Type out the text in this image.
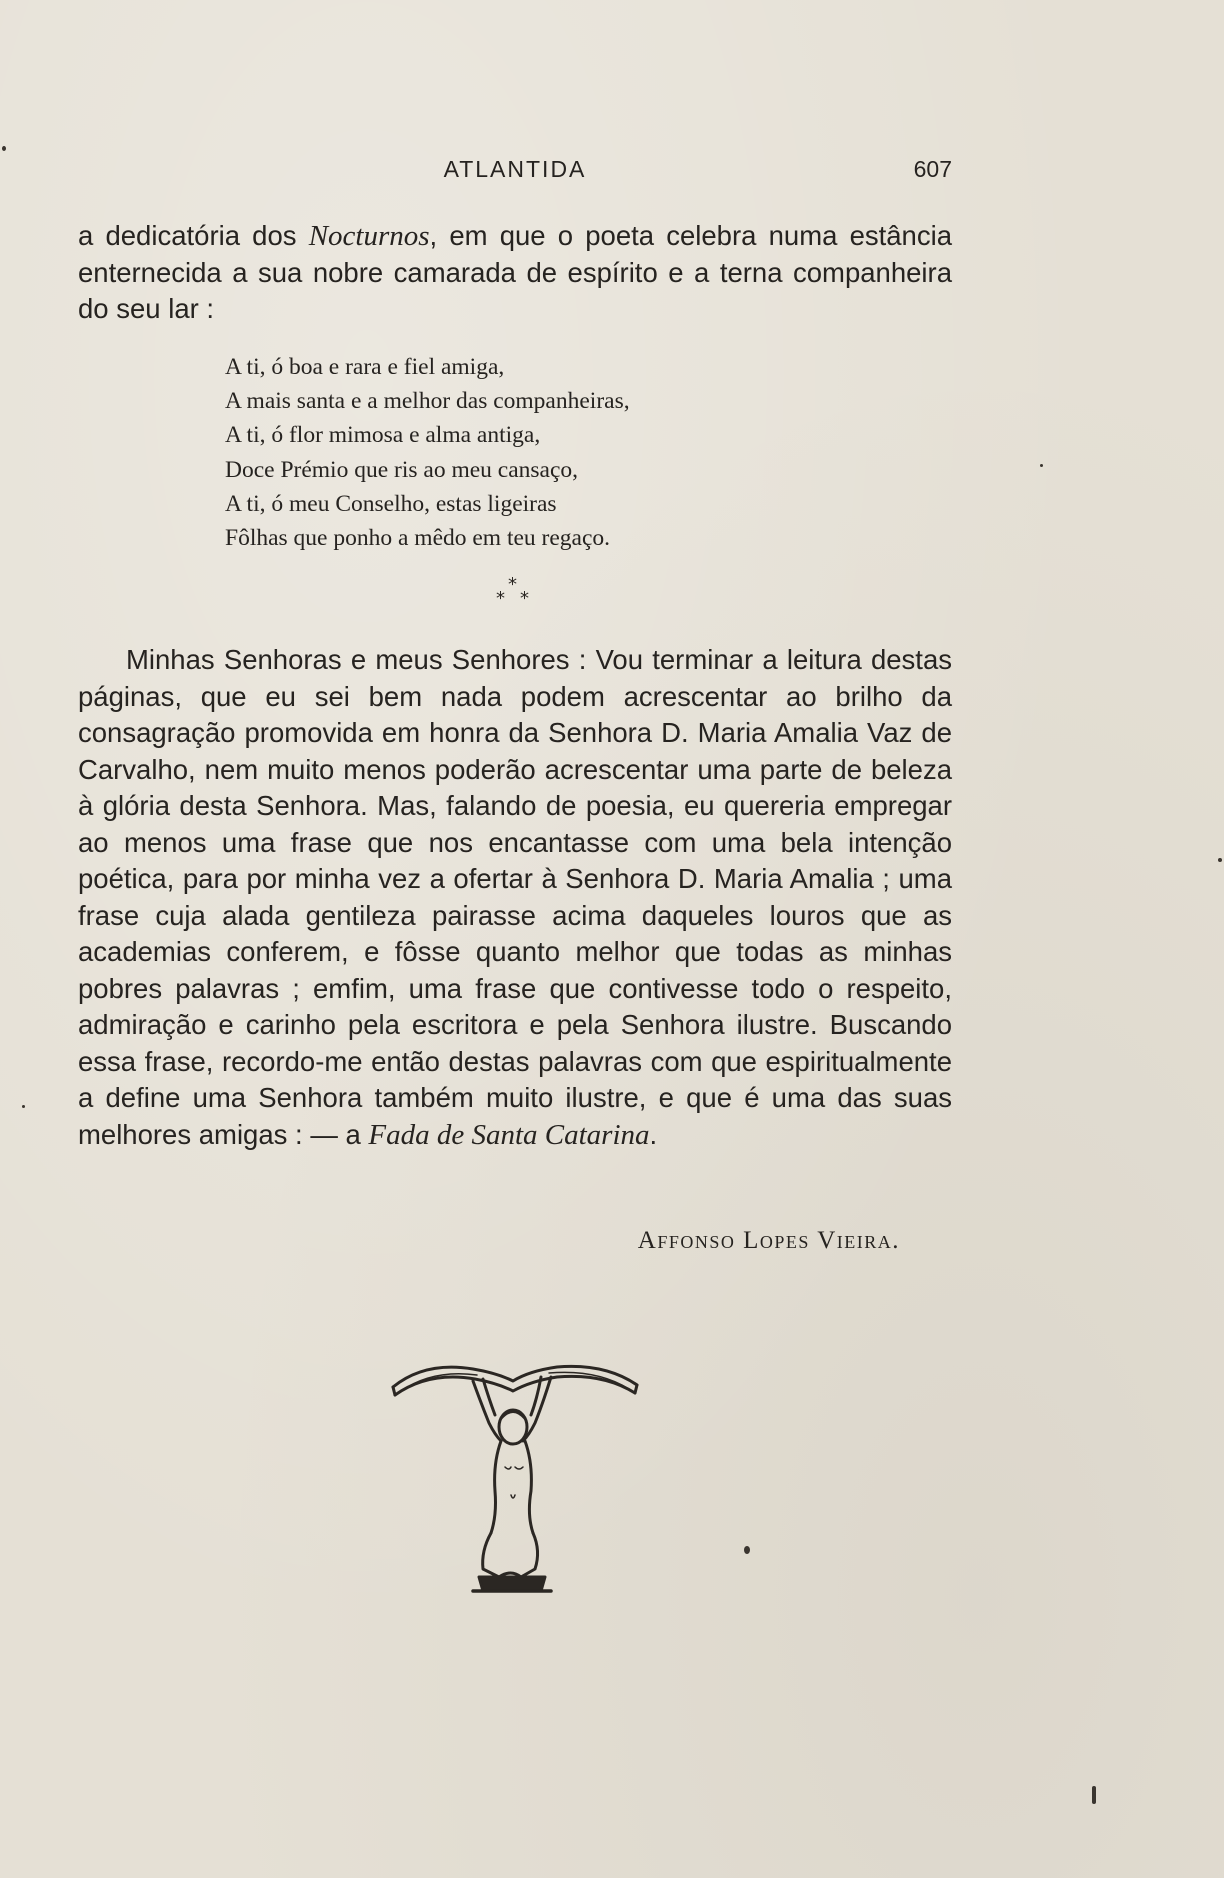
ATLANTIDA	607

a dedicatória dos Nocturnos, em que o poeta celebra numa estância enternecida a sua nobre camarada de espírito e a terna companheira do seu lar :

A ti, ó boa e rara e fiel amiga,
A mais santa e a melhor das companheiras,
A ti, ó flor mimosa e alma antiga,
Doce Prémio que ris ao meu cansaço,
A ti, ó meu Conselho, estas ligeiras
Fôlhas que ponho a mêdo em teu regaço.
*
* *

Minhas Senhoras e meus Senhores : Vou terminar a leitura destas páginas, que eu sei bem nada podem acrescentar ao brilho da consagração promovida em honra da Senhora D. Maria Amalia Vaz de Carvalho, nem muito menos poderão acrescentar uma parte de beleza à glória desta Senhora. Mas, falando de poesia, eu quereria empregar ao menos uma frase que nos encantasse com uma bela intenção poética, para por minha vez a ofertar à Senhora D. Maria Amalia ; uma frase cuja alada gentileza pairasse acima daqueles louros que as academias conferem, e fôsse quanto melhor que todas as minhas pobres palavras ; emfim, uma frase que contivesse todo o respeito, admiração e carinho pela escritora e pela Senhora ilustre. Buscando essa frase, recordo-me então destas palavras com que espiritualmente a define uma Senhora também muito ilustre, e que é uma das suas melhores amigas : — a Fada de Santa Catarina.

Affonso Lopes Vieira.
